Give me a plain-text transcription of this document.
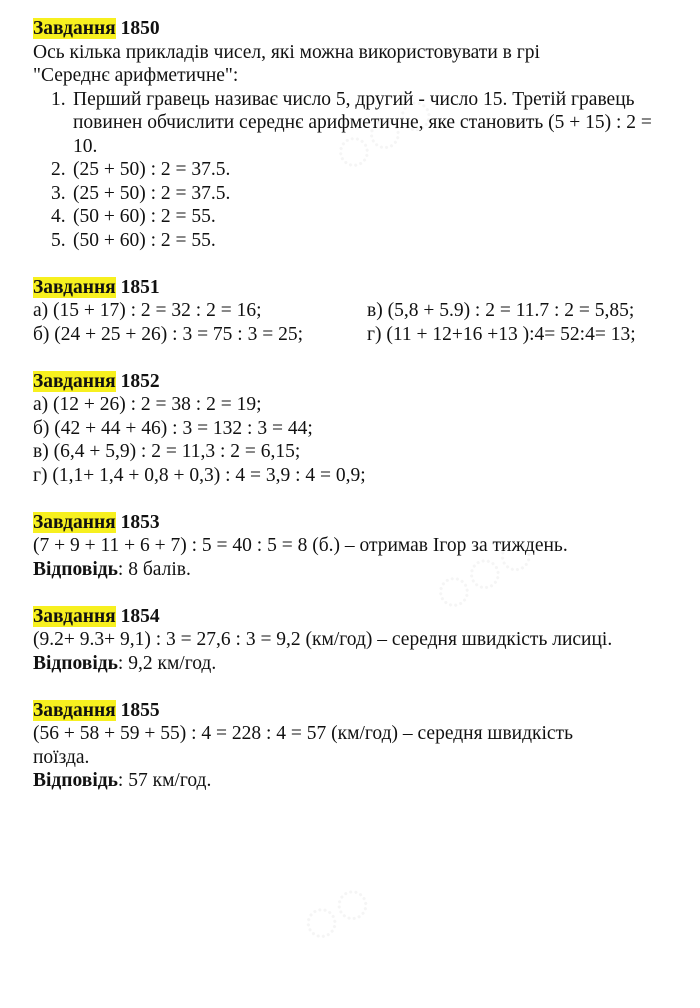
Завдання 1850
Ось кілька прикладів чисел, які можна використовувати в грі
"Середнє арифметичне":
1. Перший гравець називає число 5, другий - число 15. Третій гравець повинен обчислити середнє арифметичне, яке становить (5 + 15) : 2 = 10.
2. (25 + 50) : 2 = 37.5.
3. (25 + 50) : 2 = 37.5.
4. (50 + 60) : 2 = 55.
5. (50 + 60) : 2 = 55.
Завдання 1851
а) (15 + 17) : 2 = 32 : 2 = 16;	в) (5,8 + 5.9) : 2 = 11.7 : 2 = 5,85;
б) (24 + 25 + 26) : 3 = 75 : 3 = 25;	г) (11 + 12+16 +13 ):4= 52:4= 13;
Завдання 1852
а) (12 + 26) : 2 = 38 : 2 = 19;
б) (42 + 44 + 46) : 3 = 132 : 3 = 44;
в) (6,4 + 5,9) : 2 = 11,3 : 2 = 6,15;
г) (1,1+ 1,4 + 0,8 + 0,3) : 4 = 3,9 : 4 = 0,9;
Завдання 1853
(7 + 9 + 11 + 6 + 7) : 5 = 40 : 5 = 8 (б.) – отримав Ігор за тиждень.
Відповідь: 8 балів.
Завдання 1854
(9.2+ 9.3+ 9,1) : 3 = 27,6 : 3 = 9,2 (км/год) – середня швидкість лисиці.
Відповідь: 9,2 км/год.
Завдання 1855
(56 + 58 + 59 + 55) : 4 = 228 : 4 = 57 (км/год) – середня швидкість поїзда.
Відповідь: 57 км/год.
